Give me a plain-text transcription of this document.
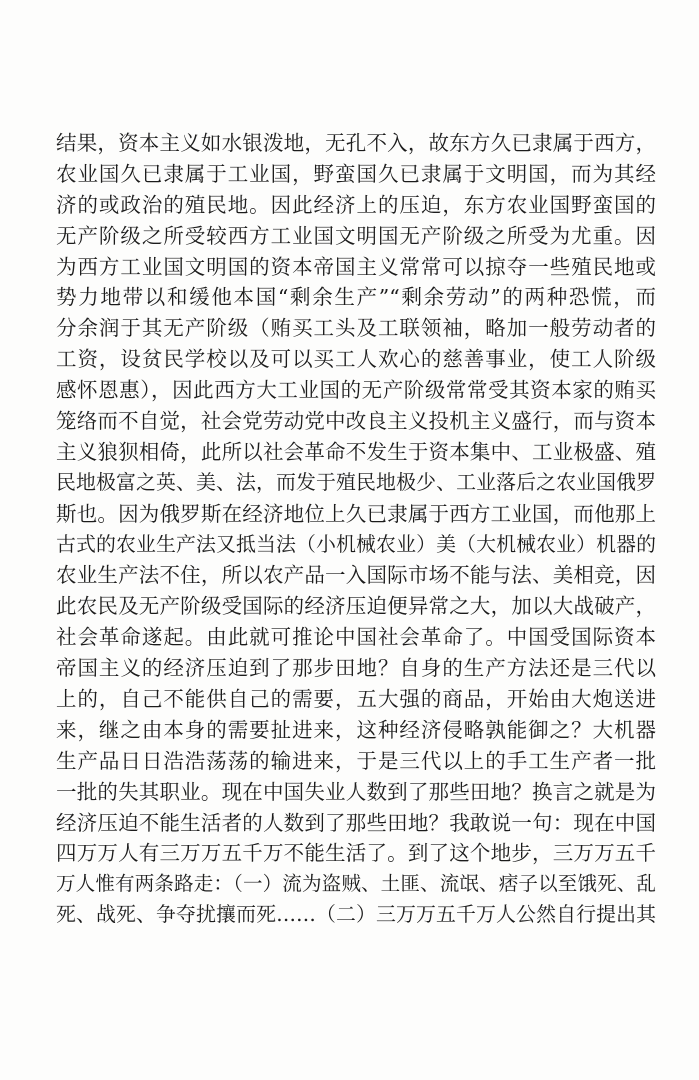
结果，资本主义如水银泼地，无孔不入，故东方久已隶属于西方，
农业国久已隶属于工业国，野蛮国久已隶属于文明国，而为其经
济的或政治的殖民地。因此经济上的压迫，东方农业国野蛮国的
无产阶级之所受较西方工业国文明国无产阶级之所受为尤重。因
为西方工业国文明国的资本帝国主义常常可以掠夺一些殖民地或
势力地带以和缓他本国“剩余生产”“剩余劳动”的两种恐慌，而
分余润于其无产阶级（贿买工头及工联领袖，略加一般劳动者的
工资，设贫民学校以及可以买工人欢心的慈善事业，使工人阶级
感怀恩惠），因此西方大工业国的无产阶级常常受其资本家的贿买
笼络而不自觉，社会党劳动党中改良主义投机主义盛行，而与资本
主义狼狈相倚，此所以社会革命不发生于资本集中、工业极盛、殖
民地极富之英、美、法，而发于殖民地极少、工业落后之农业国俄罗
斯也。因为俄罗斯在经济地位上久已隶属于西方工业国，而他那上
古式的农业生产法又抵当法（小机械农业）美（大机械农业）机器的
农业生产法不住，所以农产品一入国际市场不能与法、美相竞，因
此农民及无产阶级受国际的经济压迫便异常之大，加以大战破产，
社会革命遂起。由此就可推论中国社会革命了。中国受国际资本
帝国主义的经济压迫到了那步田地？自身的生产方法还是三代以
上的，自己不能供自己的需要，五大强的商品，开始由大炮送进
来，继之由本身的需要扯进来，这种经济侵略孰能御之？大机器
生产品日日浩浩荡荡的输进来，于是三代以上的手工生产者一批
一批的失其职业。现在中国失业人数到了那些田地？换言之就是为
经济压迫不能生活者的人数到了那些田地？我敢说一句：现在中国
四万万人有三万万五千万不能生活了。到了这个地步，三万万五千
万人惟有两条路走：（一）流为盗贼、土匪、流氓、痞子以至饿死、乱
死、战死、争夺扰攘而死……（二）三万万五千万人公然自行提出其
